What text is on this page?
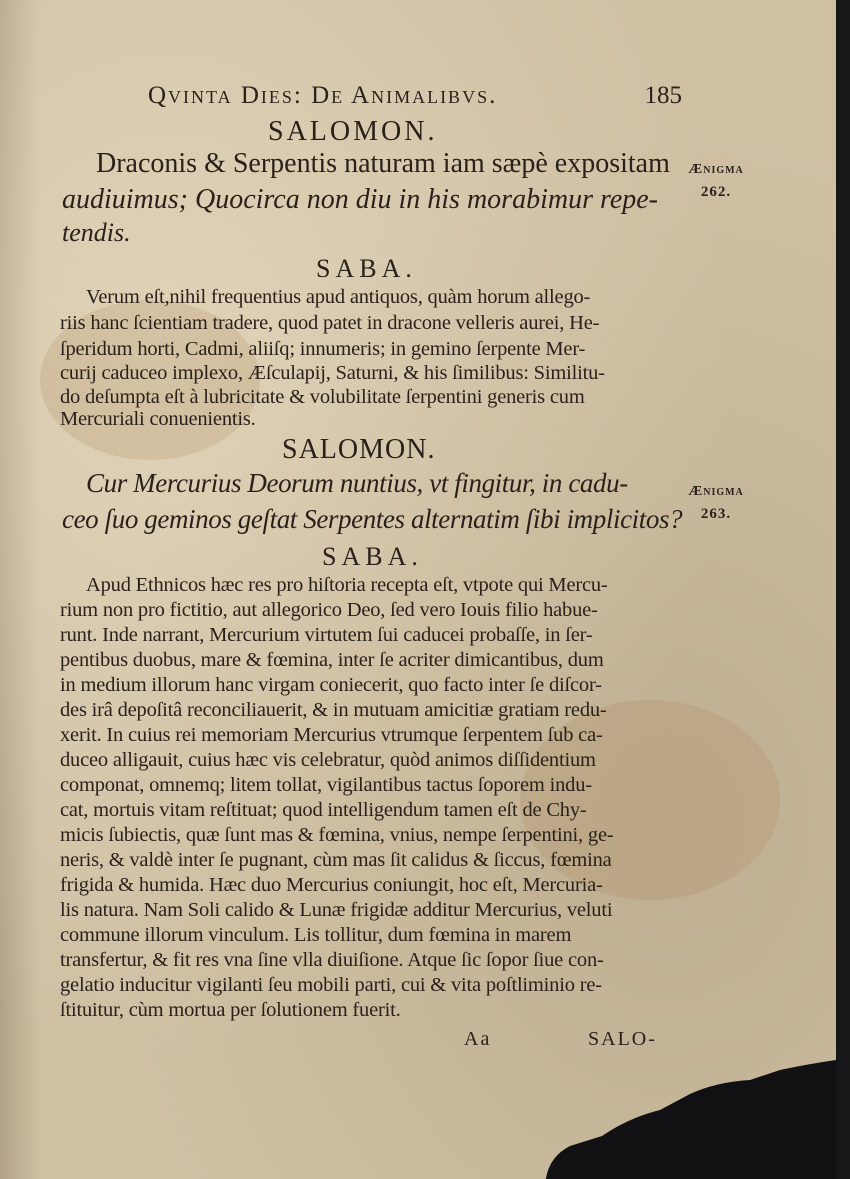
Qvinta Dies: De Animalibvs.	185
SALOMON.
Draconis & Serpentis naturam iam sæpè expositam
audiuimus; Quocirca non diu in his morabimur repe-
tendis.
Ænigma
262.
SABA.
Verum eſt,nihil frequentius apud antiquos, quàm horum allego-
riis hanc ſcientiam tradere, quod patet in dracone velleris aurei, He-
ſperidum horti, Cadmi, aliiſq; innumeris; in gemino ſerpente Mer-
curij caduceo implexo, Æſculapij, Saturni, & his ſimilibus: Similitu-
do deſumpta eſt à lubricitate & volubilitate ſerpentini generis cum
Mercuriali conuenientis.
SALOMON.
Cur Mercurius Deorum nuntius, vt fingitur, in cadu-
ceo ſuo geminos geſtat Serpentes alternatim ſibi implicitos?
Ænigma
263.
SABA.
Apud Ethnicos hæc res pro hiſtoria recepta eſt, vtpote qui Mercu-
rium non pro fictitio, aut allegorico Deo, ſed vero Iouis filio habue-
runt. Inde narrant, Mercurium virtutem ſui caducei probaſſe, in ſer-
pentibus duobus, mare & fœmina, inter ſe acriter dimicantibus, dum
in medium illorum hanc virgam coniecerit, quo facto inter ſe diſcor-
des irâ depoſitâ reconciliauerit, & in mutuam amicitiæ gratiam redu-
xerit. In cuius rei memoriam Mercurius vtrumque ſerpentem ſub ca-
duceo alligauit, cuius hæc vis celebratur, quòd animos diſſidentium
componat, omnemq; litem tollat, vigilantibus tactus ſoporem indu-
cat, mortuis vitam reſtituat; quod intelligendum tamen eſt de Chy-
micis ſubiectis, quæ ſunt mas & fœmina, vnius, nempe ſerpentini, ge-
neris, & valdè inter ſe pugnant, cùm mas ſit calidus & ſiccus, fœmina
frigida & humida. Hæc duo Mercurius coniungit, hoc eſt, Mercuria-
lis natura. Nam Soli calido & Lunæ frigidæ additur Mercurius, veluti
commune illorum vinculum. Lis tollitur, dum fœmina in marem
transfertur, & fit res vna ſine vlla diuiſione. Atque ſic ſopor ſiue con-
gelatio inducitur vigilanti ſeu mobili parti, cui & vita poſtliminio re-
ſtituitur, cùm mortua per ſolutionem fuerit.
Aa	SALO-
